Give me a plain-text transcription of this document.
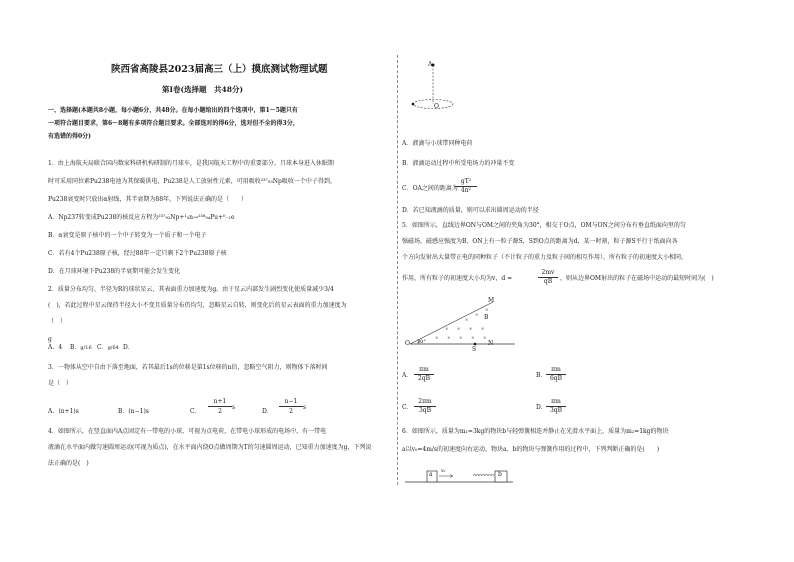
陕西省高陵县2023届高三（上）摸底测试物理试题
第Ⅰ卷(选择题　共48分)
一、选择题(本题共8小题，每小题6分，共48分。在每小题给出的四个选项中，第1～5题只有
一项符合题目要求，第6～8题有多项符合题目要求。全部选对的得6分，选对但不全的得3分，
有选错的得0分)
1．由上海航天局联合国内数家科研机构研制的月球车，是我国航天工程中的重要部分。月球本身进入休眠期
时可采用同位素Pu238电池为其保暖供电，Pu238是人工放射性元素，可用吸收²³⁷₉₃Np吸收一个中子得到。
Pu238衰变时只放出α射线，其半衰期为88年，下列说法正确的是（　　）
A．Np237转变成Pu238的核反应方程为²³⁷₉₃Np+¹₀n→²³⁸₉₄Pu+⁰₋₁e
B．α衰变是原子核中的一个中子转变为一个质子和一个电子
C．若有4个Pu238原子核，经过88年一定只剩下2个Pu238原子核
D．在月球环境下Pu238的半衰期可能会发生变化
2．质量分布均匀、半径为R的球状星云，其表面重力加速度为g。由于星云内部发生剧烈变化使质量减少3/4
(　)，若此过程中星云保持半径大小不变且质量分布仍均匀，忽略星云自转，则变化后的星云表面的重力加速度为
（　）
g
A．4 B．g/16 C．g/64 D．
3．一物体从空中自由下落至地面，若其最后1s的位移是第1s位移的n倍，忽略空气阻力，则物体下落时间
是（　）
A．(n+1)s	B．(n−1)s	C．
n+1
2
s
D．
n−1
2
s
4．如图所示，在竖直面内A点固定有一带电的小球，可视为点电荷，在带电小球形成的电场中，有一带电
液滴在水平面内做匀速圆周运动(可视为质点)，在水平面内绕O点做周期为T的匀速圆周运动，已知重力加速度为g，下列说
法正确的是(　)
A
O
A．液滴与小球带同种电荷
B．液滴运动过程中所受电场力的冲量不变
C．OA之间的距离为
gT²
4π²
D．若已知液滴的质量，则可以求出圆周运动的半径
5．如图所示，直线边界ON与OM之间的夹角为30°，相交于O点，OM与ON之间分布有垂直纸面向里的匀
强磁场，磁感应强度为B，ON上有一粒子源S，S到O点的距离为d，某一时刻，粒子源S平行于纸面向各
个方向发射出大量带正电的同种粒子（不计粒子的重力及粒子间的相互作用），所有粒子的初速度大小相同，
作用，所有粒子的初速度大小均为v，d =
2mv
qB	，则从边界OM射出的粒子在磁场中运动的最短时间为(　)
×
×
×
× × × ×
× × × × ×
M
O	N
S
B
30°
A．
πm
2qB	B．
πm
6qB
C．
2πm
3qB	D．
πm
3qB
6．如图所示，质量为m₁=3kg的物块b与轻弹簧相连并静止在光滑水平面上，质量为m₂=1kg的物块
a以v₀=4m/s的初速度向右运动，物块a、b的物块与弹簧作用的过程中，下列判断正确的是(　　)
a	b
v₀
